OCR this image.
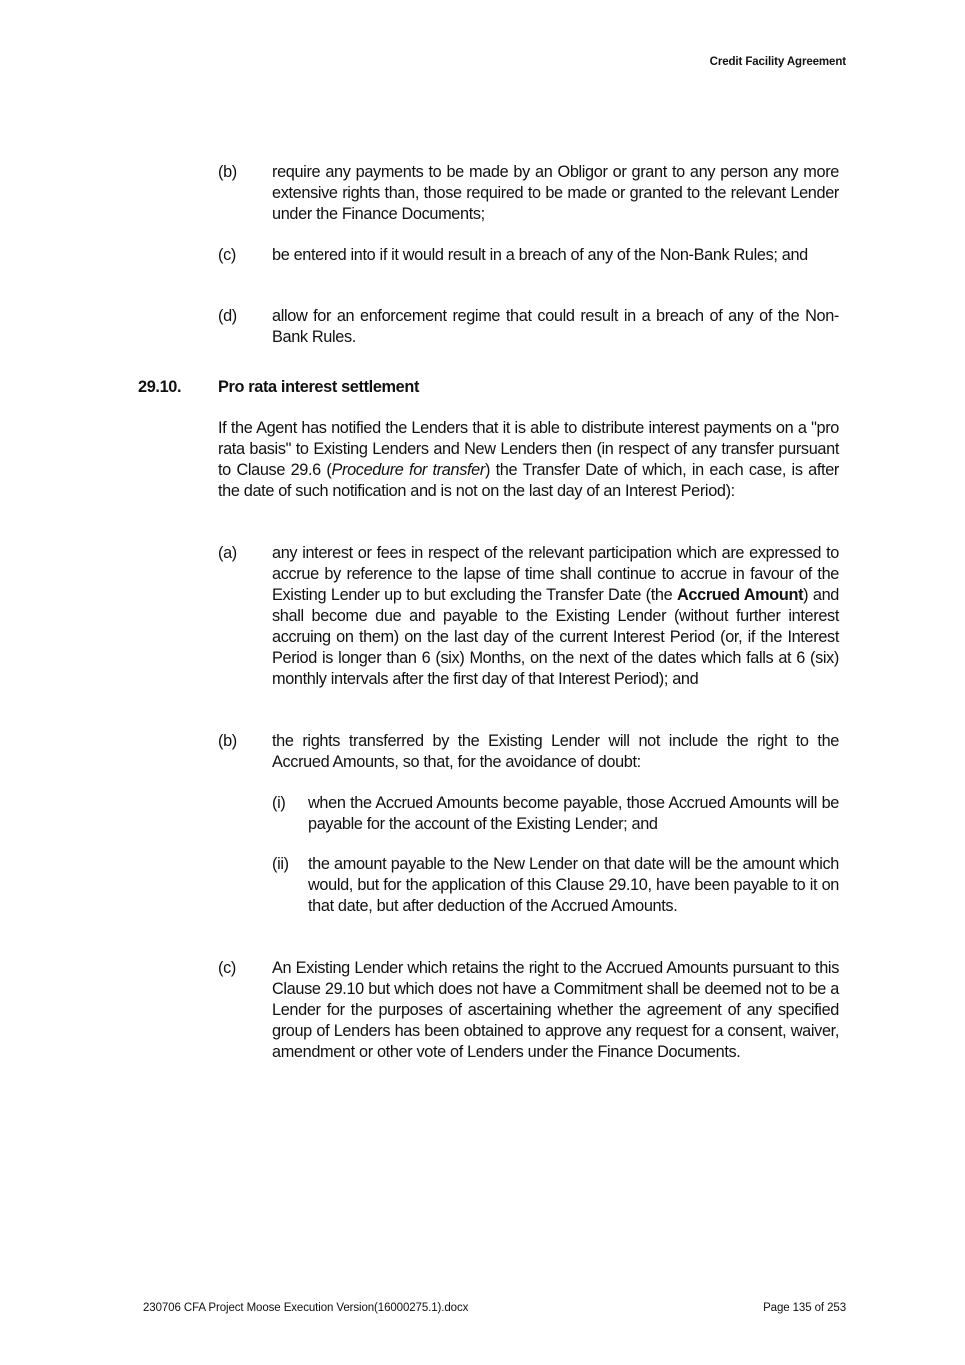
Credit Facility Agreement
(b) require any payments to be made by an Obligor or grant to any person any more extensive rights than, those required to be made or granted to the relevant Lender under the Finance Documents;
(c) be entered into if it would result in a breach of any of the Non-Bank Rules; and
(d) allow for an enforcement regime that could result in a breach of any of the Non-Bank Rules.
29.10. Pro rata interest settlement
If the Agent has notified the Lenders that it is able to distribute interest payments on a "pro rata basis" to Existing Lenders and New Lenders then (in respect of any transfer pursuant to Clause 29.6 (Procedure for transfer) the Transfer Date of which, in each case, is after the date of such notification and is not on the last day of an Interest Period):
(a) any interest or fees in respect of the relevant participation which are expressed to accrue by reference to the lapse of time shall continue to accrue in favour of the Existing Lender up to but excluding the Transfer Date (the Accrued Amount) and shall become due and payable to the Existing Lender (without further interest accruing on them) on the last day of the current Interest Period (or, if the Interest Period is longer than 6 (six) Months, on the next of the dates which falls at 6 (six) monthly intervals after the first day of that Interest Period); and
(b) the rights transferred by the Existing Lender will not include the right to the Accrued Amounts, so that, for the avoidance of doubt:
(i) when the Accrued Amounts become payable, those Accrued Amounts will be payable for the account of the Existing Lender; and
(ii) the amount payable to the New Lender on that date will be the amount which would, but for the application of this Clause 29.10, have been payable to it on that date, but after deduction of the Accrued Amounts.
(c) An Existing Lender which retains the right to the Accrued Amounts pursuant to this Clause 29.10 but which does not have a Commitment shall be deemed not to be a Lender for the purposes of ascertaining whether the agreement of any specified group of Lenders has been obtained to approve any request for a consent, waiver, amendment or other vote of Lenders under the Finance Documents.
230706 CFA Project Moose Execution Version(16000275.1).docx	Page 135 of 253
